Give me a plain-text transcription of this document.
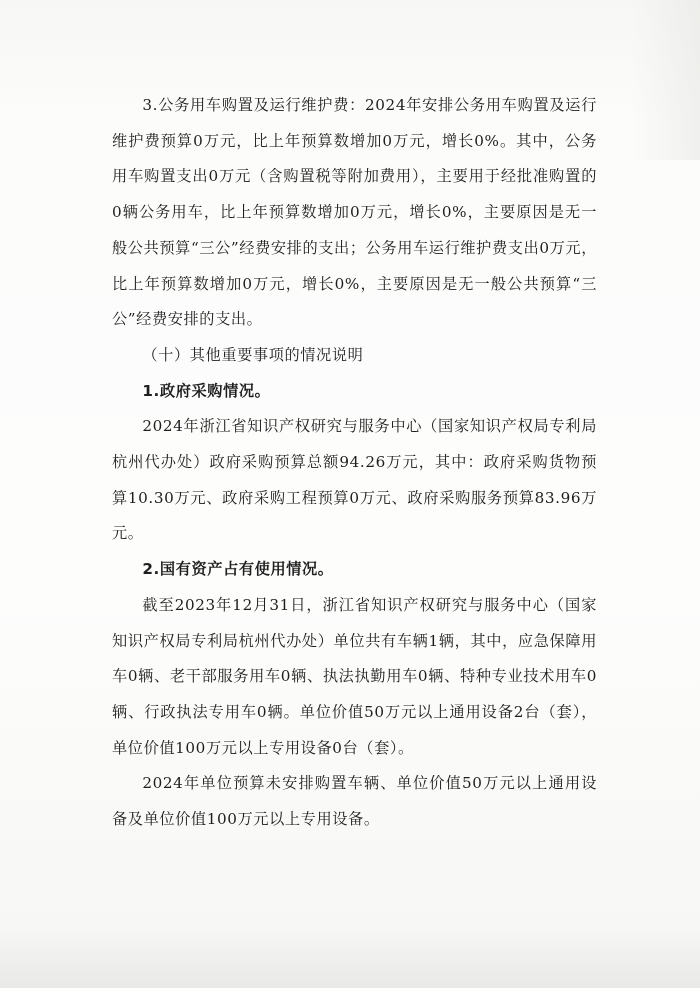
3.公务用车购置及运行维护费：2024年安排公务用车购置及运行维护费预算0万元，比上年预算数增加0万元，增长0%。其中，公务用车购置支出0万元（含购置税等附加费用），主要用于经批准购置的0辆公务用车，比上年预算数增加0万元，增长0%，主要原因是无一般公共预算“三公”经费安排的支出；公务用车运行维护费支出0万元，比上年预算数增加0万元，增长0%，主要原因是无一般公共预算“三公”经费安排的支出。

（十）其他重要事项的情况说明

1.政府采购情况。

2024年浙江省知识产权研究与服务中心（国家知识产权局专利局杭州代办处）政府采购预算总额94.26万元，其中：政府采购货物预算10.30万元、政府采购工程预算0万元、政府采购服务预算83.96万元。

2.国有资产占有使用情况。

截至2023年12月31日，浙江省知识产权研究与服务中心（国家知识产权局专利局杭州代办处）单位共有车辆1辆，其中，应急保障用车0辆、老干部服务用车0辆、执法执勤用车0辆、特种专业技术用车0辆、行政执法专用车0辆。单位价值50万元以上通用设备2台（套），单位价值100万元以上专用设备0台（套）。

2024年单位预算未安排购置车辆、单位价值50万元以上通用设备及单位价值100万元以上专用设备。
